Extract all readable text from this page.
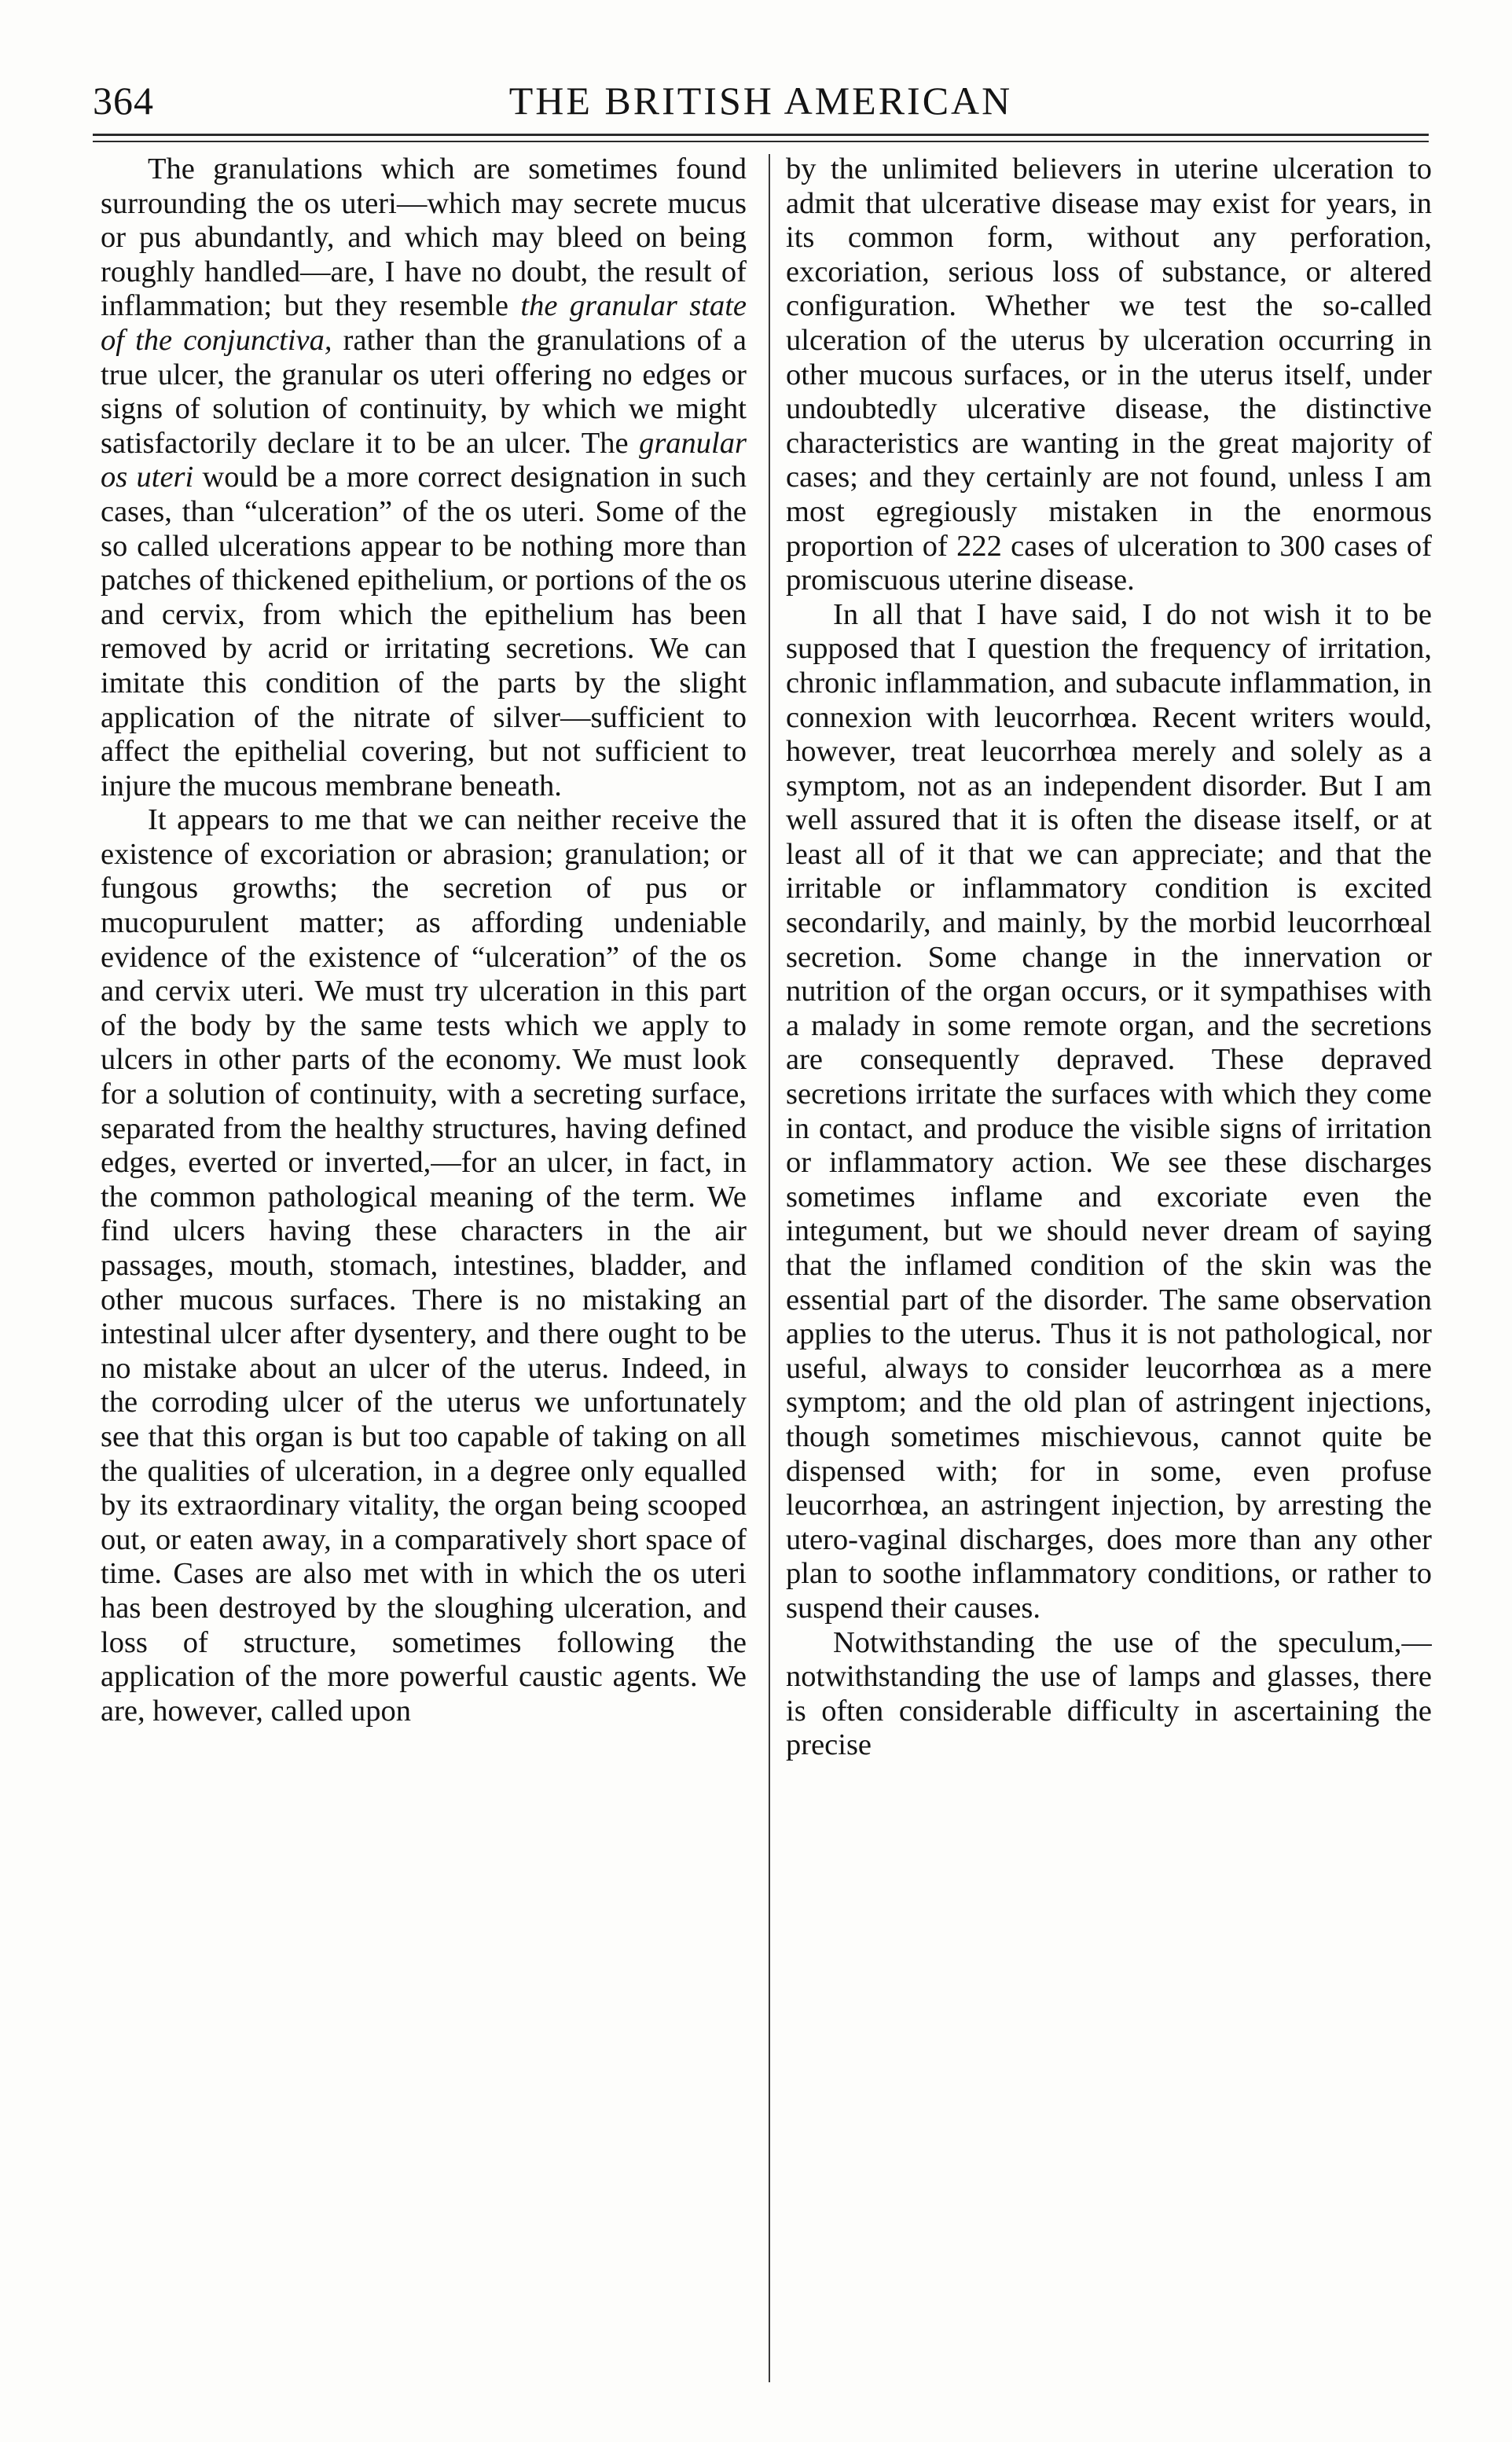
364	THE BRITISH AMERICAN

The granulations which are sometimes found surrounding the os uteri—which may secrete mucus or pus abundantly, and which may bleed on being roughly handled—are, I have no doubt, the result of inflammation; but they resemble the granular state of the conjunctiva, rather than the granulations of a true ulcer, the granular os uteri offering no edges or signs of solution of continuity, by which we might satisfactorily declare it to be an ulcer. The granular os uteri would be a more correct designation in such cases, than “ulceration” of the os uteri. Some of the so called ulcerations appear to be nothing more than patches of thickened epithelium, or portions of the os and cervix, from which the epithelium has been removed by acrid or irritating secretions. We can imitate this condition of the parts by the slight application of the nitrate of silver—sufficient to affect the epithelial covering, but not sufficient to injure the mucous membrane beneath.

It appears to me that we can neither receive the existence of excoriation or abrasion; granulation; or fungous growths; the secretion of pus or mucopurulent matter; as affording undeniable evidence of the existence of “ulceration” of the os and cervix uteri. We must try ulceration in this part of the body by the same tests which we apply to ulcers in other parts of the economy. We must look for a solution of continuity, with a secreting surface, separated from the healthy structures, having defined edges, everted or inverted,—for an ulcer, in fact, in the common pathological meaning of the term. We find ulcers having these characters in the air passages, mouth, stomach, intestines, bladder, and other mucous surfaces. There is no mistaking an intestinal ulcer after dysentery, and there ought to be no mistake about an ulcer of the uterus. Indeed, in the corroding ulcer of the uterus we unfortunately see that this organ is but too capable of taking on all the qualities of ulceration, in a degree only equalled by its extraordinary vitality, the organ being scooped out, or eaten away, in a comparatively short space of time. Cases are also met with in which the os uteri has been destroyed by the sloughing ulceration, and loss of structure, sometimes following the application of the more powerful caustic agents. We are, however, called upon

by the unlimited believers in uterine ulceration to admit that ulcerative disease may exist for years, in its common form, without any perforation, excoriation, serious loss of substance, or altered configuration. Whether we test the so-called ulceration of the uterus by ulceration occurring in other mucous surfaces, or in the uterus itself, under undoubtedly ulcerative disease, the distinctive characteristics are wanting in the great majority of cases; and they certainly are not found, unless I am most egregiously mistaken in the enormous proportion of 222 cases of ulceration to 300 cases of promiscuous uterine disease.

In all that I have said, I do not wish it to be supposed that I question the frequency of irritation, chronic inflammation, and subacute inflammation, in connexion with leucorrhœa. Recent writers would, however, treat leucorrhœa merely and solely as a symptom, not as an independent disorder. But I am well assured that it is often the disease itself, or at least all of it that we can appreciate; and that the irritable or inflammatory condition is excited secondarily, and mainly, by the morbid leucorrhœal secretion. Some change in the innervation or nutrition of the organ occurs, or it sympathises with a malady in some remote organ, and the secretions are consequently depraved. These depraved secretions irritate the surfaces with which they come in contact, and produce the visible signs of irritation or inflammatory action. We see these discharges sometimes inflame and excoriate even the integument, but we should never dream of saying that the inflamed condition of the skin was the essential part of the disorder. The same observation applies to the uterus. Thus it is not pathological, nor useful, always to consider leucorrhœa as a mere symptom; and the old plan of astringent injections, though sometimes mischievous, cannot quite be dispensed with; for in some, even profuse leucorrhœa, an astringent injection, by arresting the utero-vaginal discharges, does more than any other plan to soothe inflammatory conditions, or rather to suspend their causes.

Notwithstanding the use of the speculum,—notwithstanding the use of lamps and glasses, there is often considerable difficulty in ascertaining the precise
